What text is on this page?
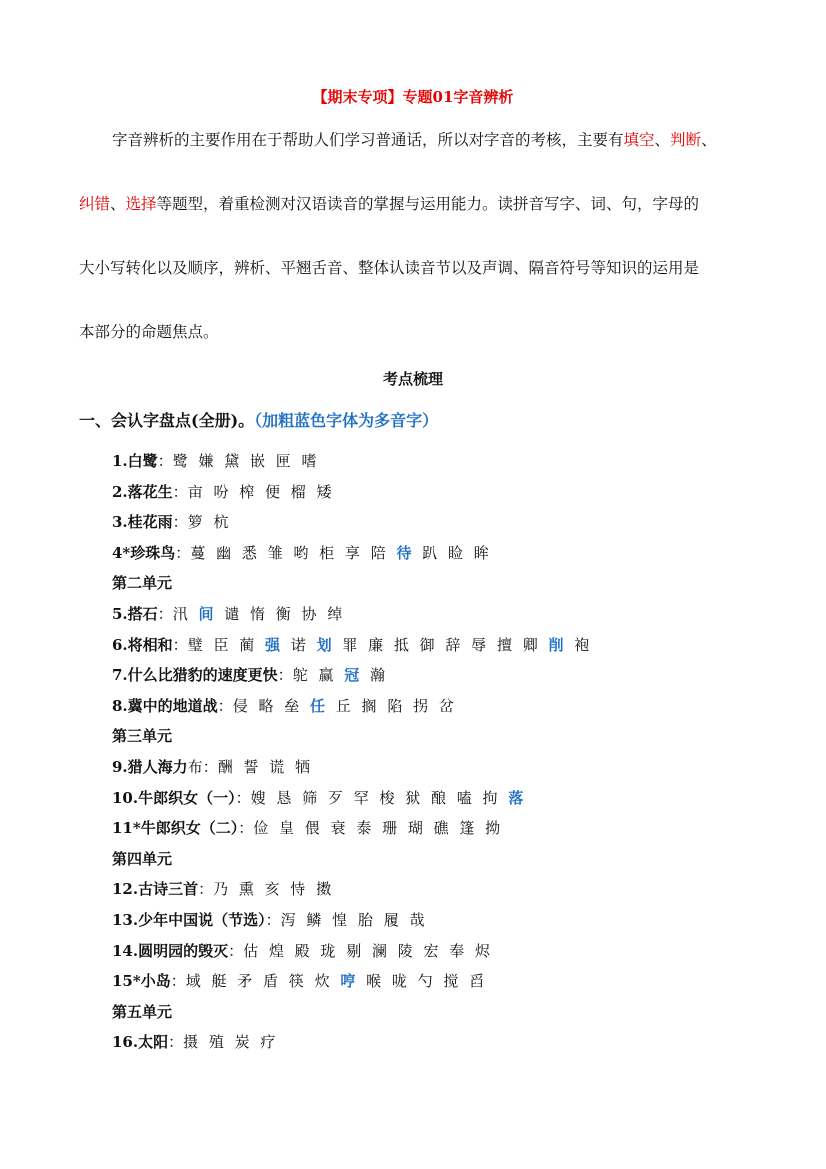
【期末专项】专题01字音辨析
字音辨析的主要作用在于帮助人们学习普通话，所以对字音的考核，主要有填空、判断、
纠错、选择等题型，着重检测对汉语读音的掌握与运用能力。读拼音写字、词、句，字母的
大小写转化以及顺序，辨析、平翘舌音、整体认读音节以及声调、隔音符号等知识的运用是
本部分的命题焦点。
考点梳理
一、会认字盘点(全册)。（加粗蓝色字体为多音字）
1.白鹭：鹭 嫌 黛 嵌 匣 嗜
2.落花生：亩 吩 榨 便 榴 矮
3.桂花雨：箩 杭
4*珍珠鸟：蔓 幽 悉 雏 哟 柜 享 陪 待 趴 睑 眸
第二单元
5.搭石：汛 间 谴 惰 衡 协 绰
6.将相和：璧 臣 蔺 强 诺 划 罪 廉 抵 御 辞 辱 擅 卿 削 袍
7.什么比猎豹的速度更快：鸵 赢 冠 瀚
8.冀中的地道战：侵 略 垒 任 丘 搁 陷 拐 岔
第三单元
9.猎人海力布：酬 誓 谎 牺
10.牛郎织女（一）：嫂 恳 筛 歹 罕 梭 狱 酿 嗑 拘 落
11*牛郎织女（二）：俭 皇 偎 衰 泰 珊 瑚 礁 篷 拗
第四单元
12.古诗三首：乃 熏 亥 恃 擞
13.少年中国说（节选）：泻 鳞 惶 胎 履 哉
14.圆明园的毁灭：估 煌 殿 珑 剔 澜 陵 宏 奉 烬
15*小岛：域 艇 矛 盾 筷 炊 哼 喉 咙 勺 搅 舀
第五单元
16.太阳：摄 殖 炭 疗
